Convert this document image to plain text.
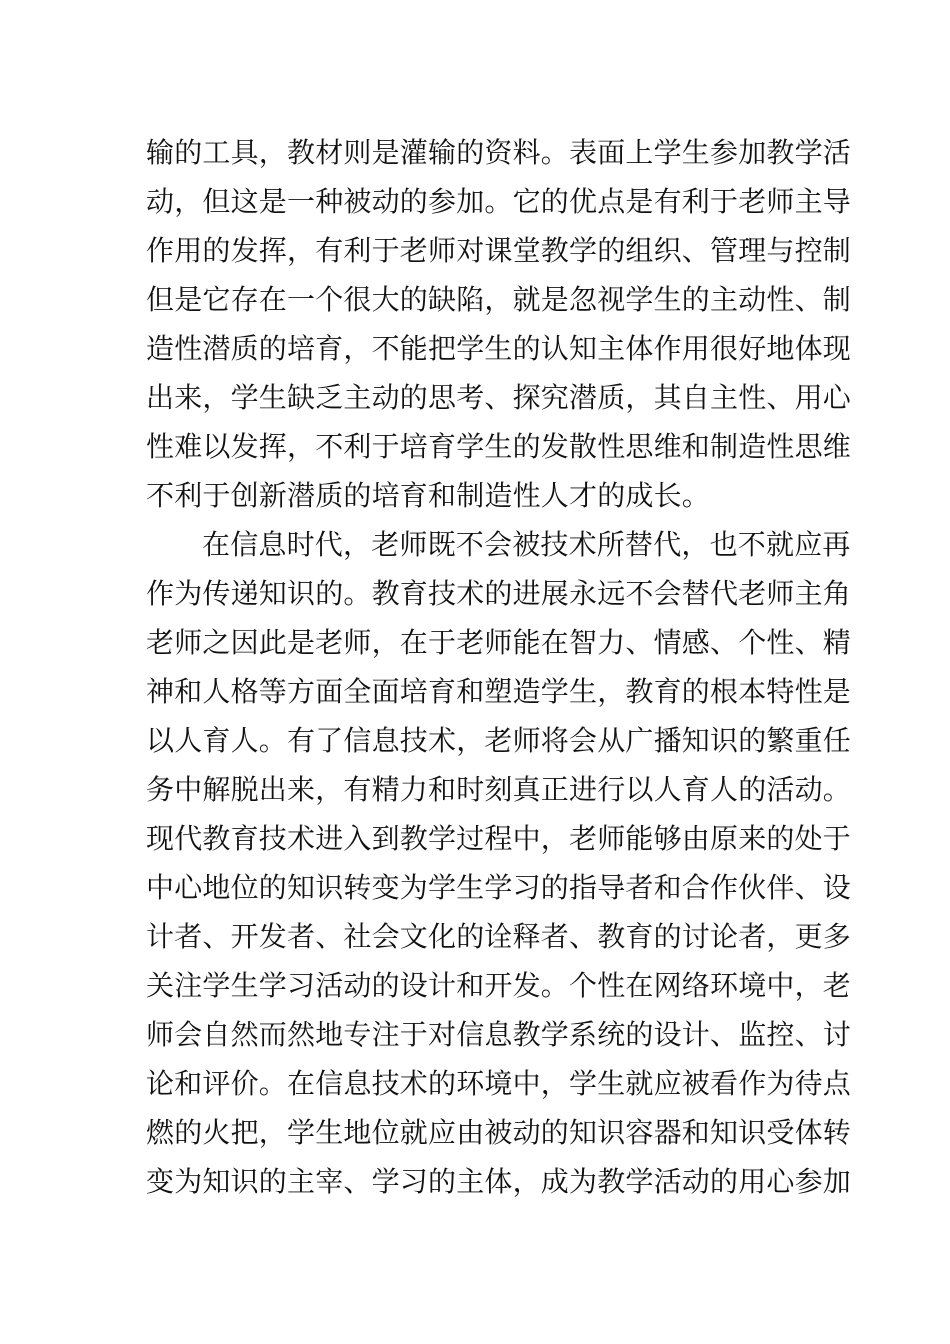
输的工具，教材则是灌输的资料。表面上学生参加教学活
动，但这是一种被动的参加。它的优点是有利于老师主导
作用的发挥，有利于老师对课堂教学的组织、管理与控制
但是它存在一个很大的缺陷，就是忽视学生的主动性、制
造性潜质的培育，不能把学生的认知主体作用很好地体现
出来，学生缺乏主动的思考、探究潜质，其自主性、用心
性难以发挥，不利于培育学生的发散性思维和制造性思维
不利于创新潜质的培育和制造性人才的成长。
在信息时代，老师既不会被技术所替代，也不就应再
作为传递知识的。教育技术的进展永远不会替代老师主角
老师之因此是老师，在于老师能在智力、情感、个性、精
神和人格等方面全面培育和塑造学生，教育的根本特性是
以人育人。有了信息技术，老师将会从广播知识的繁重任
务中解脱出来，有精力和时刻真正进行以人育人的活动。
现代教育技术进入到教学过程中，老师能够由原来的处于
中心地位的知识转变为学生学习的指导者和合作伙伴、设
计者、开发者、社会文化的诠释者、教育的讨论者，更多
关注学生学习活动的设计和开发。个性在网络环境中，老
师会自然而然地专注于对信息教学系统的设计、监控、讨
论和评价。在信息技术的环境中，学生就应被看作为待点
燃的火把，学生地位就应由被动的知识容器和知识受体转
变为知识的主宰、学习的主体，成为教学活动的用心参加
